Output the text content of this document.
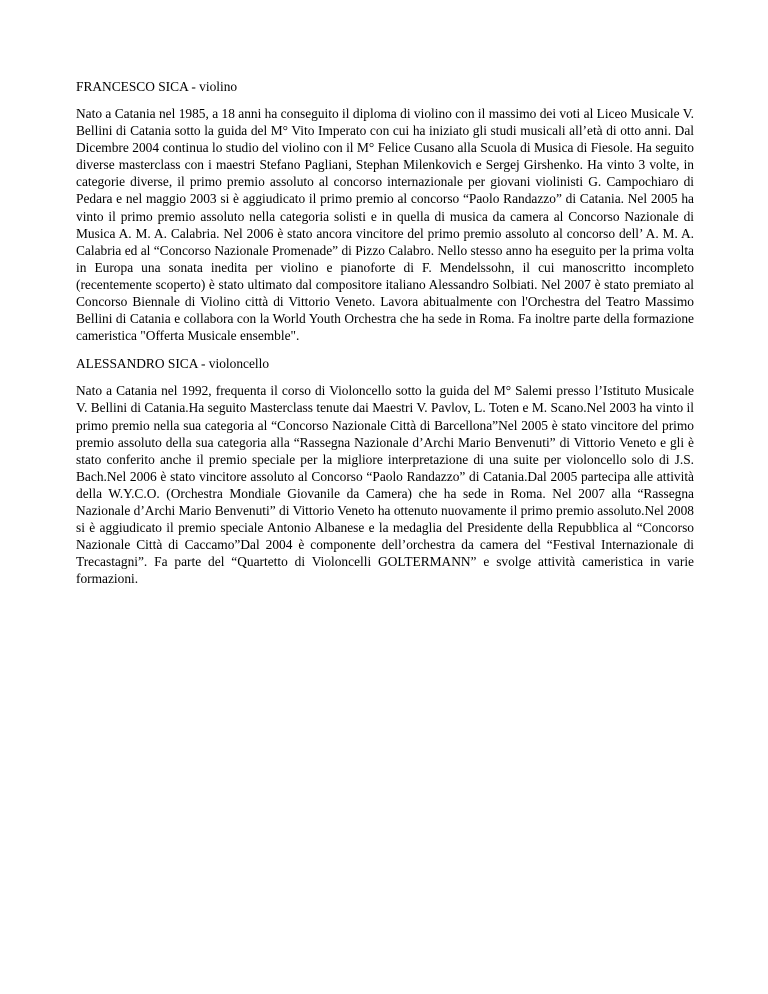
FRANCESCO SICA - violino

Nato a Catania nel 1985, a 18 anni ha conseguito il diploma di violino con il massimo dei voti al Liceo Musicale V. Bellini di Catania sotto la guida del M° Vito Imperato con cui ha iniziato gli studi musicali all’età di otto anni. Dal Dicembre 2004 continua lo studio del violino con il M° Felice Cusano alla Scuola di Musica di Fiesole. Ha seguito diverse masterclass con i maestri Stefano Pagliani, Stephan Milenkovich e Sergej Girshenko. Ha vinto 3 volte, in categorie diverse, il primo premio assoluto al concorso internazionale per giovani violinisti G. Campochiaro di Pedara e nel maggio 2003 si è aggiudicato il primo premio al concorso “Paolo Randazzo” di Catania. Nel 2005 ha vinto il primo premio assoluto nella categoria solisti e in quella di musica da camera al Concorso Nazionale di Musica A. M. A. Calabria. Nel 2006 è stato ancora vincitore del primo premio assoluto al concorso dell’ A. M. A. Calabria ed al “Concorso Nazionale Promenade” di Pizzo Calabro. Nello stesso anno ha eseguito per la prima volta in Europa una sonata inedita per violino e pianoforte di F. Mendelssohn, il cui manoscritto incompleto (recentemente scoperto) è stato ultimato dal compositore italiano Alessandro Solbiati. Nel 2007 è stato premiato al Concorso Biennale di Violino città di Vittorio Veneto. Lavora abitualmente con l'Orchestra del Teatro Massimo Bellini di Catania e collabora con la World Youth Orchestra che ha sede in Roma. Fa inoltre parte della formazione cameristica "Offerta Musicale ensemble".

ALESSANDRO SICA - violoncello

Nato a Catania nel 1992, frequenta il corso di Violoncello sotto la guida del M° Salemi presso l’Istituto Musicale V. Bellini di Catania.Ha seguito Masterclass tenute dai Maestri V. Pavlov, L. Toten e M. Scano.Nel 2003 ha vinto il primo premio nella sua categoria al “Concorso Nazionale Città di Barcellona”Nel 2005 è stato vincitore del primo premio assoluto della sua categoria alla “Rassegna Nazionale d’Archi Mario Benvenuti” di Vittorio Veneto e gli è stato conferito anche il premio speciale per la migliore interpretazione di una suite per violoncello solo di J.S. Bach.Nel 2006 è stato vincitore assoluto al Concorso “Paolo Randazzo” di Catania.Dal 2005 partecipa alle attività della W.Y.C.O. (Orchestra Mondiale Giovanile da Camera) che ha sede in Roma. Nel 2007 alla “Rassegna Nazionale d’Archi Mario Benvenuti” di Vittorio Veneto ha ottenuto nuovamente il primo premio assoluto.Nel 2008 si è aggiudicato il premio speciale Antonio Albanese e la medaglia del Presidente della Repubblica al “Concorso Nazionale Città di Caccamo”Dal 2004 è componente dell’orchestra da camera del “Festival Internazionale di Trecastagni”. Fa parte del “Quartetto di Violoncelli GOLTERMANN” e svolge attività cameristica in varie formazioni.
